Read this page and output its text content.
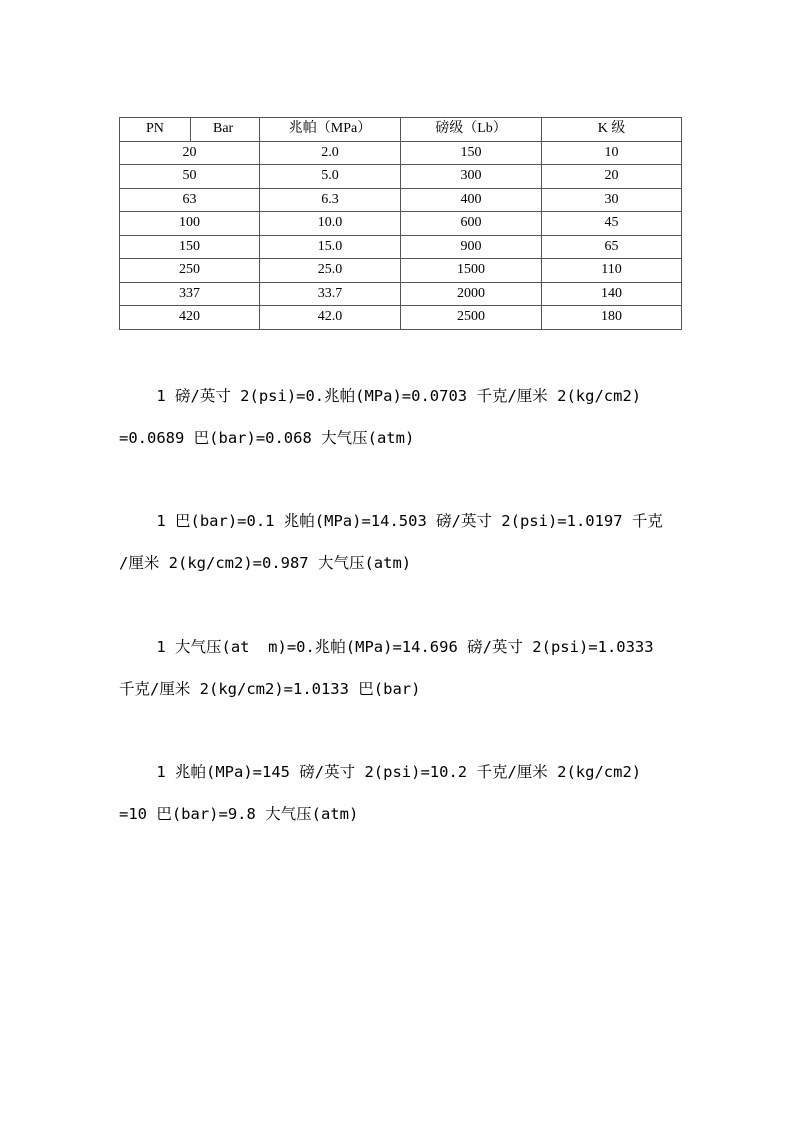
PN Bar	兆帕（MPa）	磅级（Lb）	K 级
20	2.0	150	10
50	5.0	300	20
63	6.3	400	30
100	10.0	600	45
150	15.0	900	65
250	25.0	1500	110
337	33.7	2000	140
420	42.0	2500	180
1 磅/英寸 2(psi)=0.兆帕(MPa)=0.0703 千克/厘米 2(kg/cm2)
=0.0689 巴(bar)=0.068 大气压(atm)
1 巴(bar)=0.1 兆帕(MPa)=14.503 磅/英寸 2(psi)=1.0197 千克
/厘米 2(kg/cm2)=0.987 大气压(atm)
1 大气压(at  m)=0.兆帕(MPa)=14.696 磅/英寸 2(psi)=1.0333
千克/厘米 2(kg/cm2)=1.0133 巴(bar)
1 兆帕(MPa)=145 磅/英寸 2(psi)=10.2 千克/厘米 2(kg/cm2)
=10 巴(bar)=9.8 大气压(atm)
